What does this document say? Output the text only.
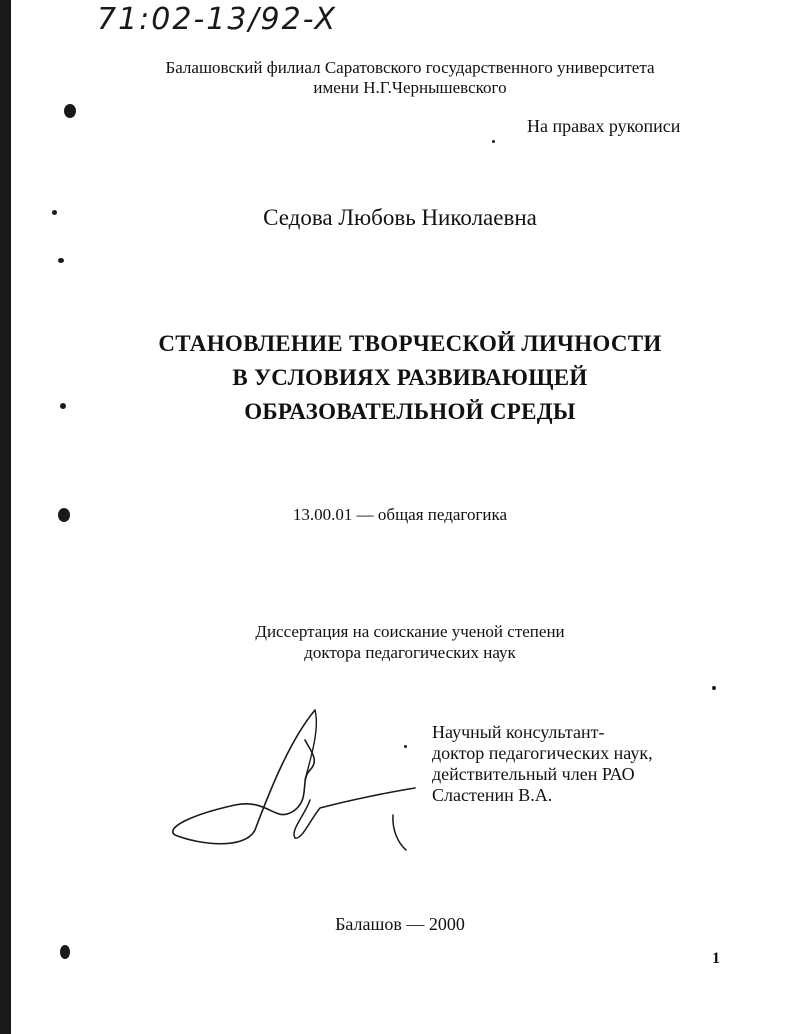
71:02-13/92-X
Балашовский филиал Саратовского государственного университета
имени Н.Г.Чернышевского
На правах рукописи
Седова Любовь Николаевна
СТАНОВЛЕНИЕ ТВОРЧЕСКОЙ ЛИЧНОСТИ
В УСЛОВИЯХ РАЗВИВАЮЩЕЙ
ОБРАЗОВАТЕЛЬНОЙ СРЕДЫ
13.00.01 — общая педагогика
Диссертация на соискание ученой степени
доктора педагогических наук
Научный консультант-
доктор педагогических наук,
действительный член РАО
Сластенин В.А.
Балашов — 2000
1
